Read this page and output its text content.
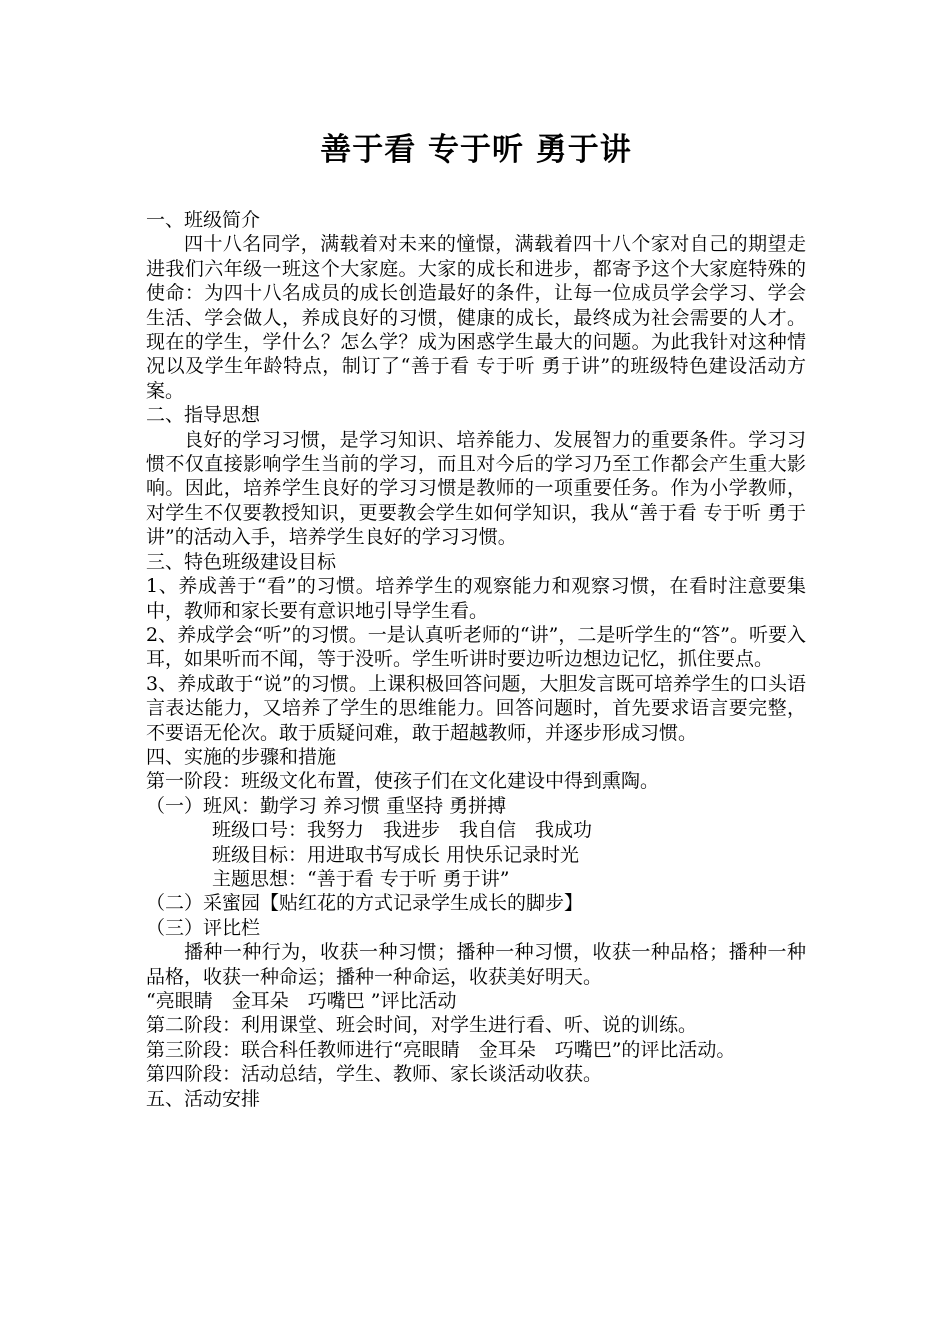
善于看 专于听 勇于讲

一、班级简介

四十八名同学，满载着对未来的憧憬，满载着四十八个家对自己的期望走进我们六年级一班这个大家庭。大家的成长和进步，都寄予这个大家庭特殊的使命：为四十八名成员的成长创造最好的条件，让每一位成员学会学习、学会生活、学会做人，养成良好的习惯，健康的成长，最终成为社会需要的人才。现在的学生，学什么？怎么学？成为困惑学生最大的问题。为此我针对这种情况以及学生年龄特点，制订了“善于看 专于听 勇于讲”的班级特色建设活动方案。

二、指导思想

良好的学习习惯，是学习知识、培养能力、发展智力的重要条件。学习习惯不仅直接影响学生当前的学习，而且对今后的学习乃至工作都会产生重大影响。因此，培养学生良好的学习习惯是教师的一项重要任务。作为小学教师，对学生不仅要教授知识，更要教会学生如何学知识，我从“善于看 专于听 勇于讲”的活动入手，培养学生良好的学习习惯。

三、特色班级建设目标

1、养成善于“看”的习惯。培养学生的观察能力和观察习惯，在看时注意要集中，教师和家长要有意识地引导学生看。

2、养成学会“听”的习惯。一是认真听老师的“讲”，二是听学生的“答”。听要入耳，如果听而不闻，等于没听。学生听讲时要边听边想边记忆，抓住要点。

3、养成敢于“说”的习惯。上课积极回答问题，大胆发言既可培养学生的口头语言表达能力，又培养了学生的思维能力。回答问题时，首先要求语言要完整，不要语无伦次。敢于质疑问难，敢于超越教师，并逐步形成习惯。

四、实施的步骤和措施

第一阶段：班级文化布置，使孩子们在文化建设中得到熏陶。

（一）班风：勤学习 养习惯 重坚持 勇拼搏

班级口号：我努力　我进步　我自信　我成功

班级目标：用进取书写成长 用快乐记录时光

主题思想：“善于看 专于听 勇于讲”

（二）采蜜园【贴红花的方式记录学生成长的脚步】

（三）评比栏

播种一种行为，收获一种习惯；播种一种习惯，收获一种品格；播种一种品格，收获一种命运；播种一种命运，收获美好明天。

“亮眼睛　金耳朵　巧嘴巴 ”评比活动

第二阶段：利用课堂、班会时间，对学生进行看、听、说的训练。

第三阶段：联合科任教师进行“亮眼睛　金耳朵　巧嘴巴”的评比活动。

第四阶段：活动总结，学生、教师、家长谈活动收获。

五、活动安排
